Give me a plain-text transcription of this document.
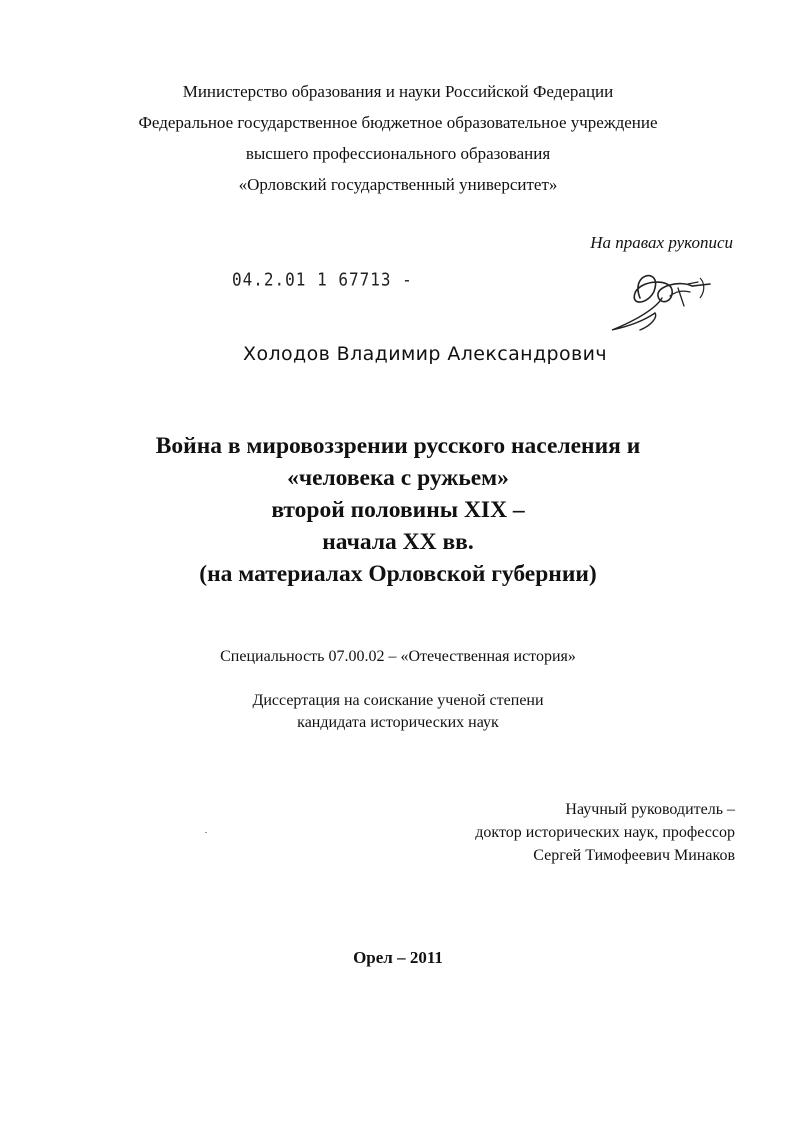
Министерство образования и науки Российской Федерации
Федеральное государственное бюджетное образовательное учреждение
высшего профессионального образования
«Орловский государственный университет»
На правах рукописи
04.2.01 1 67713 -
Холодов Владимир Александрович
Война в мировоззрении русского населения и
«человека с ружьем»
второй половины XIX –
начала XX вв.
(на материалах Орловской губернии)
Специальность 07.00.02 – «Отечественная история»
Диссертация на соискание ученой степени
кандидата исторических наук
Научный руководитель –
доктор исторических наук, профессор
Сергей Тимофеевич Минаков
Орел – 2011
